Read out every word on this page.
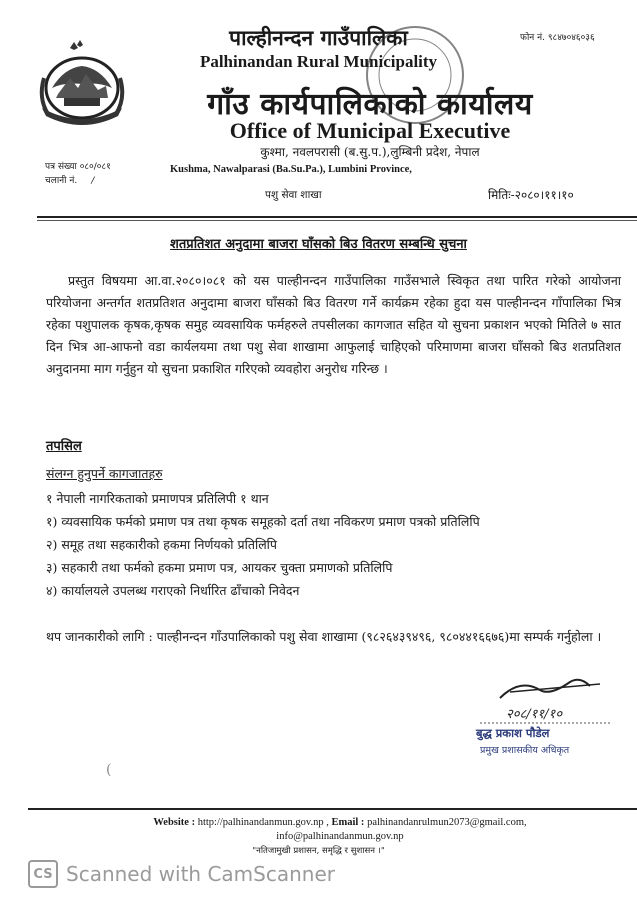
फोन नं. ९८४७०४६०३६
पाल्हीनन्दन गाउँपालिका
Palhinandan Rural Municipality
गाँउ कार्यपालिकाको कार्यालय
Office of Municipal Executive
कुश्मा, नवलपरासी (ब.सु.प.),लुम्बिनी प्रदेश, नेपाल
Kushma, Nawalparasi (Ba.Su.Pa.), Lumbini Province,
पत्र संख्या ०८०/०८१
चलानी नं. /
पशु सेवा शाखा	मितिः-२०८०।११।१०
शतप्रतिशत अनुदामा बाजरा घाँसको बिउ वितरण सम्बन्धि सुचना
प्रस्तुत विषयमा आ.वा.२०८०।०८१ को यस पाल्हीनन्दन गाउँपालिका गाउँसभाले स्विकृत तथा पारित गरेको आयोजना परियोजना अन्तर्गत शतप्रतिशत अनुदामा बाजरा घाँसको बिउ वितरण गर्ने कार्यक्रम रहेका हुदा यस पाल्हीनन्दन गाँपालिका भित्र रहेका पशुपालक कृषक,कृषक समुह व्यवसायिक फर्महरुले तपसीलका कागजात सहित यो सुचना प्रकाशन भएको मितिले ७ सात दिन भित्र आ-आफनो वडा कार्यलयमा तथा पशु सेवा शाखामा आफुलाई चाहिएको परिमाणमा बाजरा घाँसको बिउ शतप्रतिशत अनुदानमा माग गर्नुहुन यो सुचना प्रकाशित गरिएको व्यवहोरा अनुरोध गरिन्छ ।
तपसिल
संलग्न हुनुपर्ने कागजातहरु
१ नेपाली नागरिकताको प्रमाणपत्र प्रतिलिपी १ थान
१) व्यवसायिक फर्मको प्रमाण पत्र तथा कृषक समूहको दर्ता तथा नविकरण प्रमाण पत्रको प्रतिलिपि
२) समूह तथा सहकारीको हकमा निर्णयको प्रतिलिपि
३) सहकारी तथा फर्मको हकमा प्रमाण पत्र, आयकर चुक्ता प्रमाणको प्रतिलिपि
४) कार्यालयले उपलब्ध गराएको निर्धारित ढाँचाको निवेदन
थप जानकारीको लागि : पाल्हीनन्दन गाँउपालिकाको पशु सेवा शाखामा (९८२६४३९४९६, ९८०४४१६६७६)मा सम्पर्क गर्नुहोला ।
२०८/११/१०
बुद्ध प्रकाश पौडेल
प्रमुख प्रशासकीय अधिकृत
(
Website : http://palhinandanmun.gov.np , Email : palhinandanrulmun2073@gmail.com,
info@palhinandanmun.gov.np
"नतिजामुखी प्रशासन, समृद्धि र सुशासन ।"
CS Scanned with CamScanner
